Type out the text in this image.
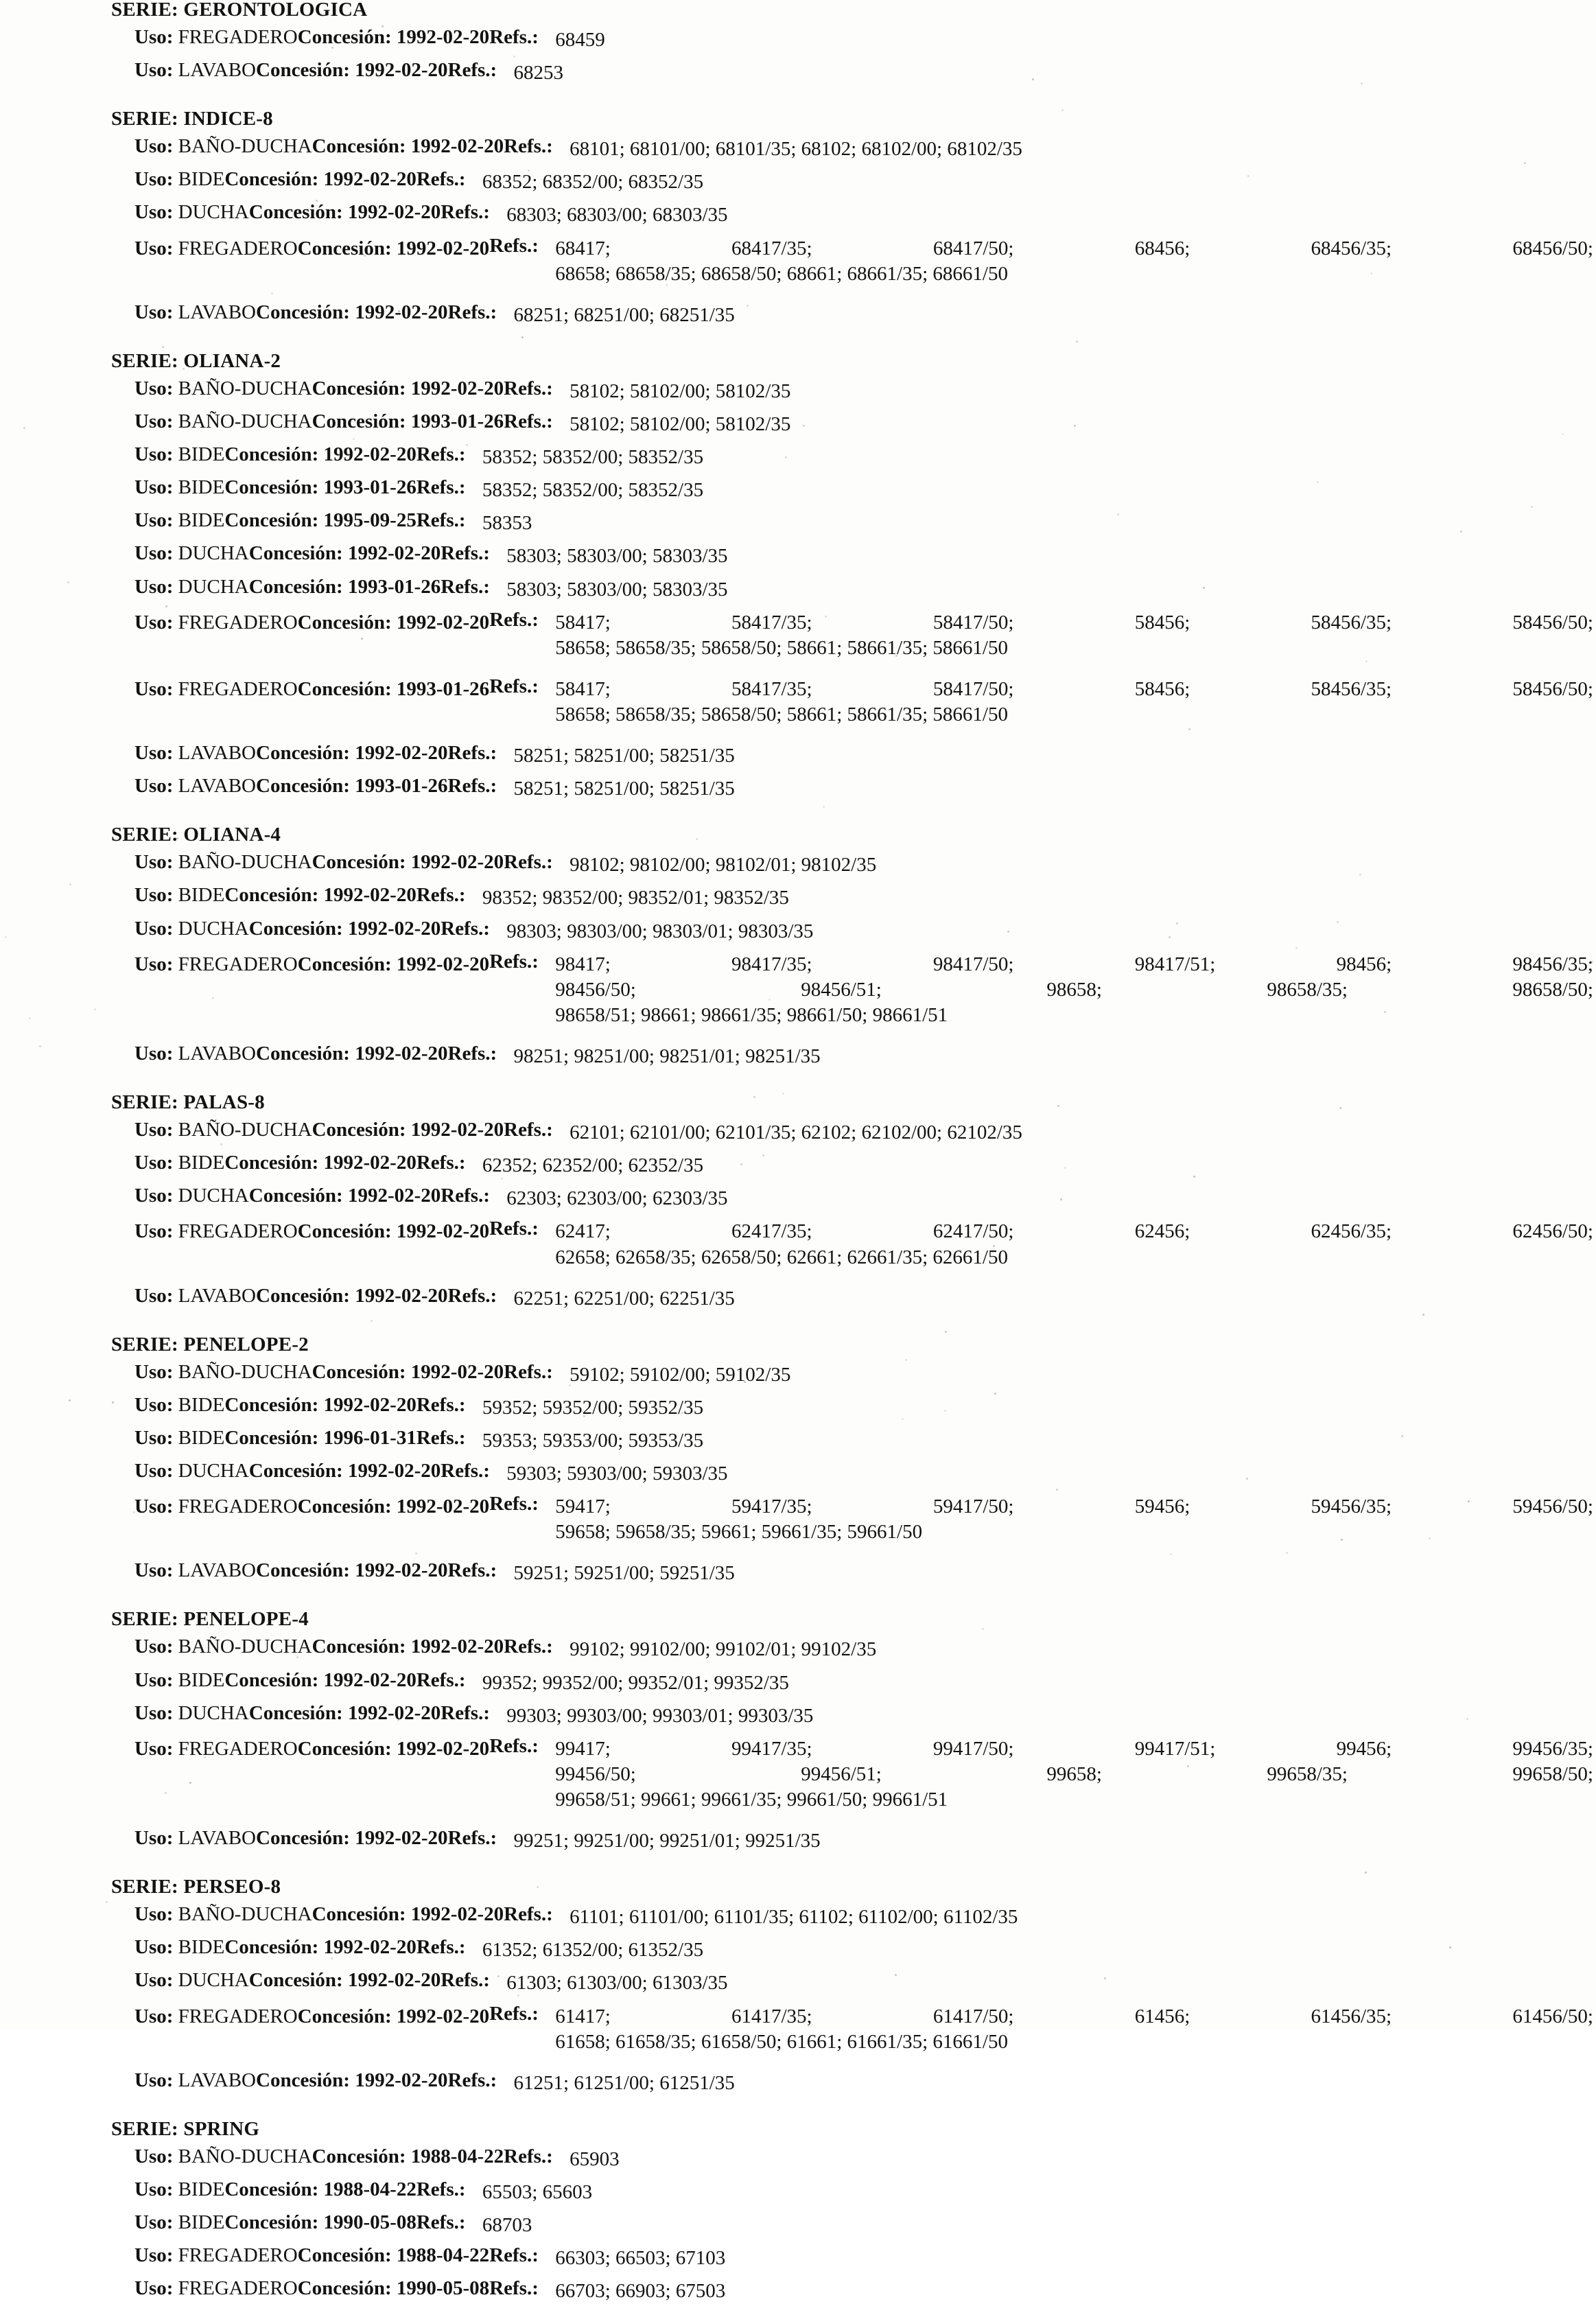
SERIE: GERONTOLOGICA
Uso: FREGADERO Concesión: 1992-02-20 Refs.: 68459
Uso: LAVABO Concesión: 1992-02-20 Refs.: 68253
SERIE: INDICE-8
Uso: BAÑO-DUCHA Concesión: 1992-02-20 Refs.: 68101; 68101/00; 68101/35; 68102; 68102/00; 68102/35
Uso: BIDE Concesión: 1992-02-20 Refs.: 68352; 68352/00; 68352/35
Uso: DUCHA Concesión: 1992-02-20 Refs.: 68303; 68303/00; 68303/35
Uso: FREGADERO Concesión: 1992-02-20 Refs.: 68417;	68417/35;	68417/50;	68456;	68456/35;	68456/50;
68658; 68658/35; 68658/50; 68661; 68661/35; 68661/50
Uso: LAVABO Concesión: 1992-02-20 Refs.: 68251; 68251/00; 68251/35
SERIE: OLIANA-2
Uso: BAÑO-DUCHA Concesión: 1992-02-20 Refs.: 58102; 58102/00; 58102/35
Uso: BAÑO-DUCHA Concesión: 1993-01-26 Refs.: 58102; 58102/00; 58102/35
Uso: BIDE Concesión: 1992-02-20 Refs.: 58352; 58352/00; 58352/35
Uso: BIDE Concesión: 1993-01-26 Refs.: 58352; 58352/00; 58352/35
Uso: BIDE Concesión: 1995-09-25 Refs.: 58353
Uso: DUCHA Concesión: 1992-02-20 Refs.: 58303; 58303/00; 58303/35
Uso: DUCHA Concesión: 1993-01-26 Refs.: 58303; 58303/00; 58303/35
Uso: FREGADERO Concesión: 1992-02-20 Refs.: 58417;	58417/35;	58417/50;	58456;	58456/35;	58456/50;
58658; 58658/35; 58658/50; 58661; 58661/35; 58661/50
Uso: FREGADERO Concesión: 1993-01-26 Refs.: 58417;	58417/35;	58417/50;	58456;	58456/35;	58456/50;
58658; 58658/35; 58658/50; 58661; 58661/35; 58661/50
Uso: LAVABO Concesión: 1992-02-20 Refs.: 58251; 58251/00; 58251/35
Uso: LAVABO Concesión: 1993-01-26 Refs.: 58251; 58251/00; 58251/35
SERIE: OLIANA-4
Uso: BAÑO-DUCHA Concesión: 1992-02-20 Refs.: 98102; 98102/00; 98102/01; 98102/35
Uso: BIDE Concesión: 1992-02-20 Refs.: 98352; 98352/00; 98352/01; 98352/35
Uso: DUCHA Concesión: 1992-02-20 Refs.: 98303; 98303/00; 98303/01; 98303/35
Uso: FREGADERO Concesión: 1992-02-20 Refs.: 98417;	98417/35;	98417/50;	98417/51;	98456;	98456/35;
98456/50;	98456/51;	98658;	98658/35;	98658/50;
98658/51; 98661; 98661/35; 98661/50; 98661/51
Uso: LAVABO Concesión: 1992-02-20 Refs.: 98251; 98251/00; 98251/01; 98251/35
SERIE: PALAS-8
Uso: BAÑO-DUCHA Concesión: 1992-02-20 Refs.: 62101; 62101/00; 62101/35; 62102; 62102/00; 62102/35
Uso: BIDE Concesión: 1992-02-20 Refs.: 62352; 62352/00; 62352/35
Uso: DUCHA Concesión: 1992-02-20 Refs.: 62303; 62303/00; 62303/35
Uso: FREGADERO Concesión: 1992-02-20 Refs.: 62417;	62417/35;	62417/50;	62456;	62456/35;	62456/50;
62658; 62658/35; 62658/50; 62661; 62661/35; 62661/50
Uso: LAVABO Concesión: 1992-02-20 Refs.: 62251; 62251/00; 62251/35
SERIE: PENELOPE-2
Uso: BAÑO-DUCHA Concesión: 1992-02-20 Refs.: 59102; 59102/00; 59102/35
Uso: BIDE Concesión: 1992-02-20 Refs.: 59352; 59352/00; 59352/35
Uso: BIDE Concesión: 1996-01-31 Refs.: 59353; 59353/00; 59353/35
Uso: DUCHA Concesión: 1992-02-20 Refs.: 59303; 59303/00; 59303/35
Uso: FREGADERO Concesión: 1992-02-20 Refs.: 59417;	59417/35;	59417/50;	59456;	59456/35;	59456/50;
59658; 59658/35; 59661; 59661/35; 59661/50
Uso: LAVABO Concesión: 1992-02-20 Refs.: 59251; 59251/00; 59251/35
SERIE: PENELOPE-4
Uso: BAÑO-DUCHA Concesión: 1992-02-20 Refs.: 99102; 99102/00; 99102/01; 99102/35
Uso: BIDE Concesión: 1992-02-20 Refs.: 99352; 99352/00; 99352/01; 99352/35
Uso: DUCHA Concesión: 1992-02-20 Refs.: 99303; 99303/00; 99303/01; 99303/35
Uso: FREGADERO Concesión: 1992-02-20 Refs.: 99417;	99417/35;	99417/50;	99417/51;	99456;	99456/35;
99456/50;	99456/51;	99658;	99658/35;	99658/50;
99658/51; 99661; 99661/35; 99661/50; 99661/51
Uso: LAVABO Concesión: 1992-02-20 Refs.: 99251; 99251/00; 99251/01; 99251/35
SERIE: PERSEO-8
Uso: BAÑO-DUCHA Concesión: 1992-02-20 Refs.: 61101; 61101/00; 61101/35; 61102; 61102/00; 61102/35
Uso: BIDE Concesión: 1992-02-20 Refs.: 61352; 61352/00; 61352/35
Uso: DUCHA Concesión: 1992-02-20 Refs.: 61303; 61303/00; 61303/35
Uso: FREGADERO Concesión: 1992-02-20 Refs.: 61417;	61417/35;	61417/50;	61456;	61456/35;	61456/50;
61658; 61658/35; 61658/50; 61661; 61661/35; 61661/50
Uso: LAVABO Concesión: 1992-02-20 Refs.: 61251; 61251/00; 61251/35
SERIE: SPRING
Uso: BAÑO-DUCHA Concesión: 1988-04-22 Refs.: 65903
Uso: BIDE Concesión: 1988-04-22 Refs.: 65503; 65603
Uso: BIDE Concesión: 1990-05-08 Refs.: 68703
Uso: FREGADERO Concesión: 1988-04-22 Refs.: 66303; 66503; 67103
Uso: FREGADERO Concesión: 1990-05-08 Refs.: 66703; 66903; 67503
